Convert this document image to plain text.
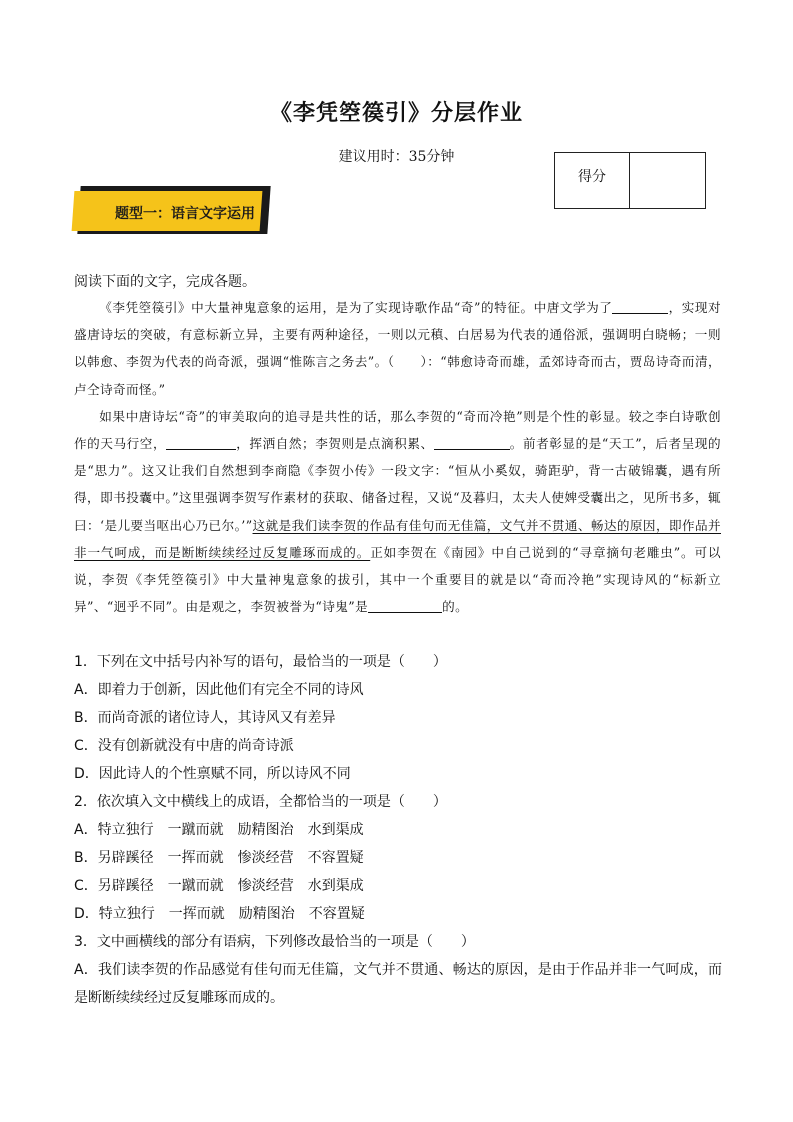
《李凭箜篌引》分层作业
建议用时：35分钟
得分
题型一：语言文字运用
阅读下面的文字，完成各题。

《李凭箜篌引》中大量神鬼意象的运用，是为了实现诗歌作品“奇”的特征。中唐文学为了	，实现对盛唐诗坛的突破，有意标新立异，主要有两种途径，一则以元稹、白居易为代表的通俗派，强调明白晓畅；一则以韩愈、李贺为代表的尚奇派，强调“惟陈言之务去”。（　　）：“韩愈诗奇而雄，孟郊诗奇而古，贾岛诗奇而清，卢仝诗奇而怪。”

如果中唐诗坛“奇”的审美取向的追寻是共性的话，那么李贺的“奇而冷艳”则是个性的彰显。较之李白诗歌创作的天马行空，	，挥洒自然；李贺则是点滴积累、	。前者彰显的是“天工”，后者呈现的是“思力”。这又让我们自然想到李商隐《李贺小传》一段文字：“恒从小奚奴，骑距驴，背一古破锦囊，遇有所得，即书投囊中。”这里强调李贺写作素材的获取、储备过程，又说“及暮归，太夫人使婢受囊出之，见所书多，辄曰：‘是儿要当呕出心乃已尔。’”这就是我们读李贺的作品有佳句而无佳篇，文气并不贯通、畅达的原因，即作品并非一气呵成，而是断断续续经过反复雕琢而成的。正如李贺在《南园》中自己说到的“寻章摘句老雕虫”。可以说，李贺《李凭箜篌引》中大量神鬼意象的拔引，其中一个重要目的就是以“奇而冷艳”实现诗风的“标新立异”、“迥乎不同”。由是观之，李贺被誉为“诗鬼”是	的。

1．下列在文中括号内补写的语句，最恰当的一项是（　　）
A．即着力于创新，因此他们有完全不同的诗风
B．而尚奇派的诸位诗人，其诗风又有差异
C．没有创新就没有中唐的尚奇诗派
D．因此诗人的个性禀赋不同，所以诗风不同
2．依次填入文中横线上的成语，全都恰当的一项是（　　）
A．特立独行　一蹴而就　励精图治　水到渠成
B．另辟蹊径　一挥而就　惨淡经营　不容置疑
C．另辟蹊径　一蹴而就　惨淡经营　水到渠成
D．特立独行　一挥而就　励精图治　不容置疑
3．文中画横线的部分有语病，下列修改最恰当的一项是（　　）
A．我们读李贺的作品感觉有佳句而无佳篇，文气并不贯通、畅达的原因，是由于作品并非一气呵成，而是断断续续经过反复雕琢而成的。
